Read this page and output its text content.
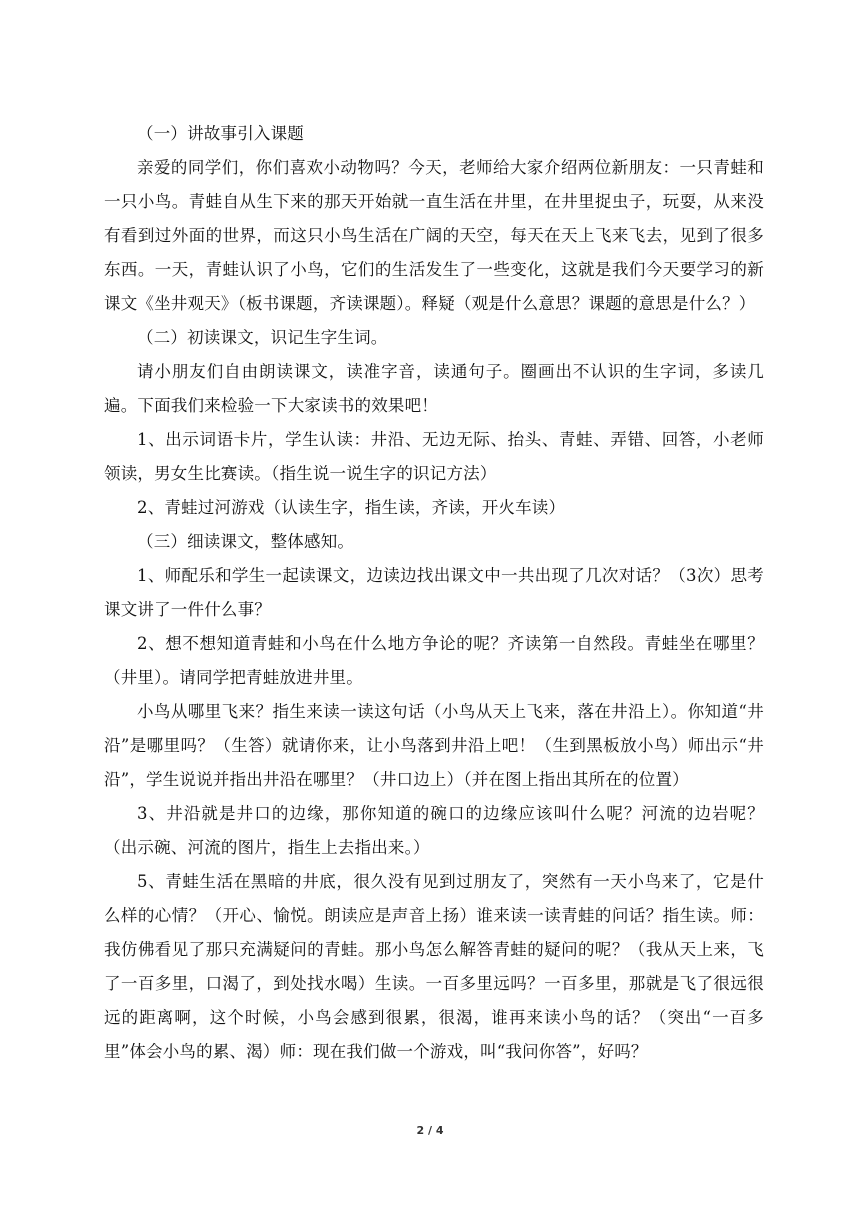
（一）讲故事引入课题

亲爱的同学们，你们喜欢小动物吗？今天，老师给大家介绍两位新朋友：一只青蛙和一只小鸟。青蛙自从生下来的那天开始就一直生活在井里，在井里捉虫子，玩耍，从来没有看到过外面的世界，而这只小鸟生活在广阔的天空，每天在天上飞来飞去，见到了很多东西。一天，青蛙认识了小鸟，它们的生活发生了一些变化，这就是我们今天要学习的新课文《坐井观天》（板书课题，齐读课题）。释疑（观是什么意思？课题的意思是什么？）

（二）初读课文，识记生字生词。

请小朋友们自由朗读课文，读准字音，读通句子。圈画出不认识的生字词，多读几遍。下面我们来检验一下大家读书的效果吧！

1、出示词语卡片，学生认读：井沿、无边无际、抬头、青蛙、弄错、回答，小老师领读，男女生比赛读。（指生说一说生字的识记方法）

2、青蛙过河游戏（认读生字，指生读，齐读，开火车读）

（三）细读课文，整体感知。

1、师配乐和学生一起读课文，边读边找出课文中一共出现了几次对话？（3次）思考课文讲了一件什么事？

2、想不想知道青蛙和小鸟在什么地方争论的呢？齐读第一自然段。青蛙坐在哪里？（井里）。请同学把青蛙放进井里。

小鸟从哪里飞来？指生来读一读这句话（小鸟从天上飞来，落在井沿上）。你知道“井沿”是哪里吗？（生答）就请你来，让小鸟落到井沿上吧！（生到黑板放小鸟）师出示“井沿”，学生说说并指出井沿在哪里？（井口边上）（并在图上指出其所在的位置）

3、井沿就是井口的边缘，那你知道的碗口的边缘应该叫什么呢？河流的边岩呢？（出示碗、河流的图片，指生上去指出来。）

5、青蛙生活在黑暗的井底，很久没有见到过朋友了，突然有一天小鸟来了，它是什么样的心情？（开心、愉悦。朗读应是声音上扬）谁来读一读青蛙的问话？指生读。师：我仿佛看见了那只充满疑问的青蛙。那小鸟怎么解答青蛙的疑问的呢？（我从天上来，飞了一百多里，口渴了，到处找水喝）生读。一百多里远吗？一百多里，那就是飞了很远很远的距离啊，这个时候，小鸟会感到很累，很渴，谁再来读小鸟的话？（突出“一百多里”体会小鸟的累、渴）师：现在我们做一个游戏，叫“我问你答”，好吗？

2 / 4
